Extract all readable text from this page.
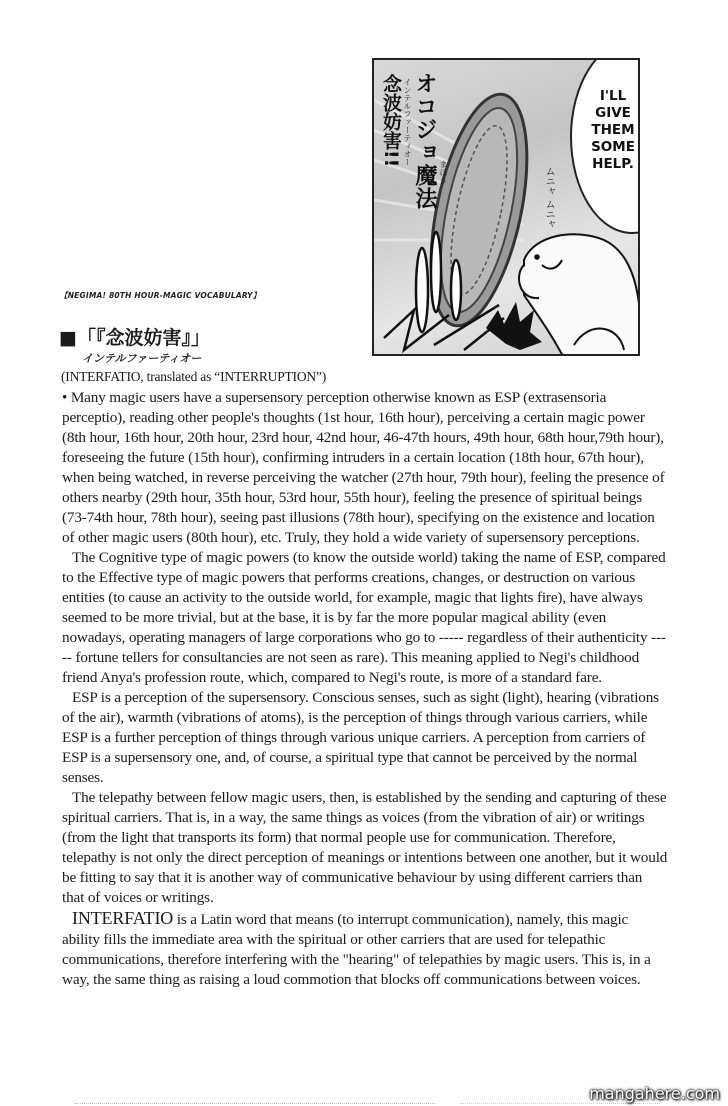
I'LL
GIVE
THEM
SOME
HELP.
オコジョ魔法
インテルファーティオー
念波妨害!!
まほう	ムニャ ムニャ
【NEGIMA! 80TH HOUR-MAGIC VOCABULARY】
■「『念波妨害』」
インテルファーティオー
(INTERFATIO, translated as “INTERRUPTION”)

• Many magic users have a supersensory perception otherwise known as ESP (extrasensoria perceptio), reading other people's thoughts (1st hour, 16th hour), perceiving a certain magic power (8th hour, 16th hour, 20th hour, 23rd hour, 42nd hour, 46-47th hours, 49th hour, 68th hour,79th hour), foreseeing the future (15th hour), confirming intruders in a certain location (18th hour, 67th hour), when being watched, in reverse perceiving the watcher (27th hour, 79th hour), feeling the presence of others nearby (29th hour, 35th hour, 53rd hour, 55th hour), feeling the presence of spiritual beings (73-74th hour, 78th hour), seeing past illusions (78th hour), specifying on the existence and location of other magic users (80th hour), etc. Truly, they hold a wide variety of supersensory perceptions.

The Cognitive type of magic powers (to know the outside world) taking the name of ESP, compared to the Effective type of magic powers that performs creations, changes, or destruction on various entities (to cause an activity to the outside world, for example, magic that lights fire), have always seemed to be more trivial, but at the base, it is by far the more popular magical ability (even nowadays, operating managers of large corporations who go to ----- regardless of their authenticity ----- fortune tellers for consultancies are not seen as rare). This meaning applied to Negi's childhood friend Anya's profession route, which, compared to Negi's route, is more of a standard fare.

ESP is a perception of the supersensory. Conscious senses, such as sight (light), hearing (vibrations of the air), warmth (vibrations of atoms), is the perception of things through various carriers, while ESP is a further perception of things through various unique carriers. A perception from carriers of ESP is a supersensory one, and, of course, a spiritual type that cannot be perceived by the normal senses.

The telepathy between fellow magic users, then, is established by the sending and capturing of these spiritual carriers. That is, in a way, the same things as voices (from the vibration of air) or writings (from the light that transports its form) that normal people use for communication. Therefore, telepathy is not only the direct perception of meanings or intentions between one another, but it would be fitting to say that it is another way of communicative behaviour by using different carriers than that of voices or writings.

INTERFATIO is a Latin word that means (to interrupt communication), namely, this magic ability fills the immediate area with the spiritual or other carriers that are used for telepathic communications, therefore interfering with the "hearing" of telepathies by magic users. This is, in a way, the same thing as raising a loud commotion that blocks off communications between voices.

mangahere.com
